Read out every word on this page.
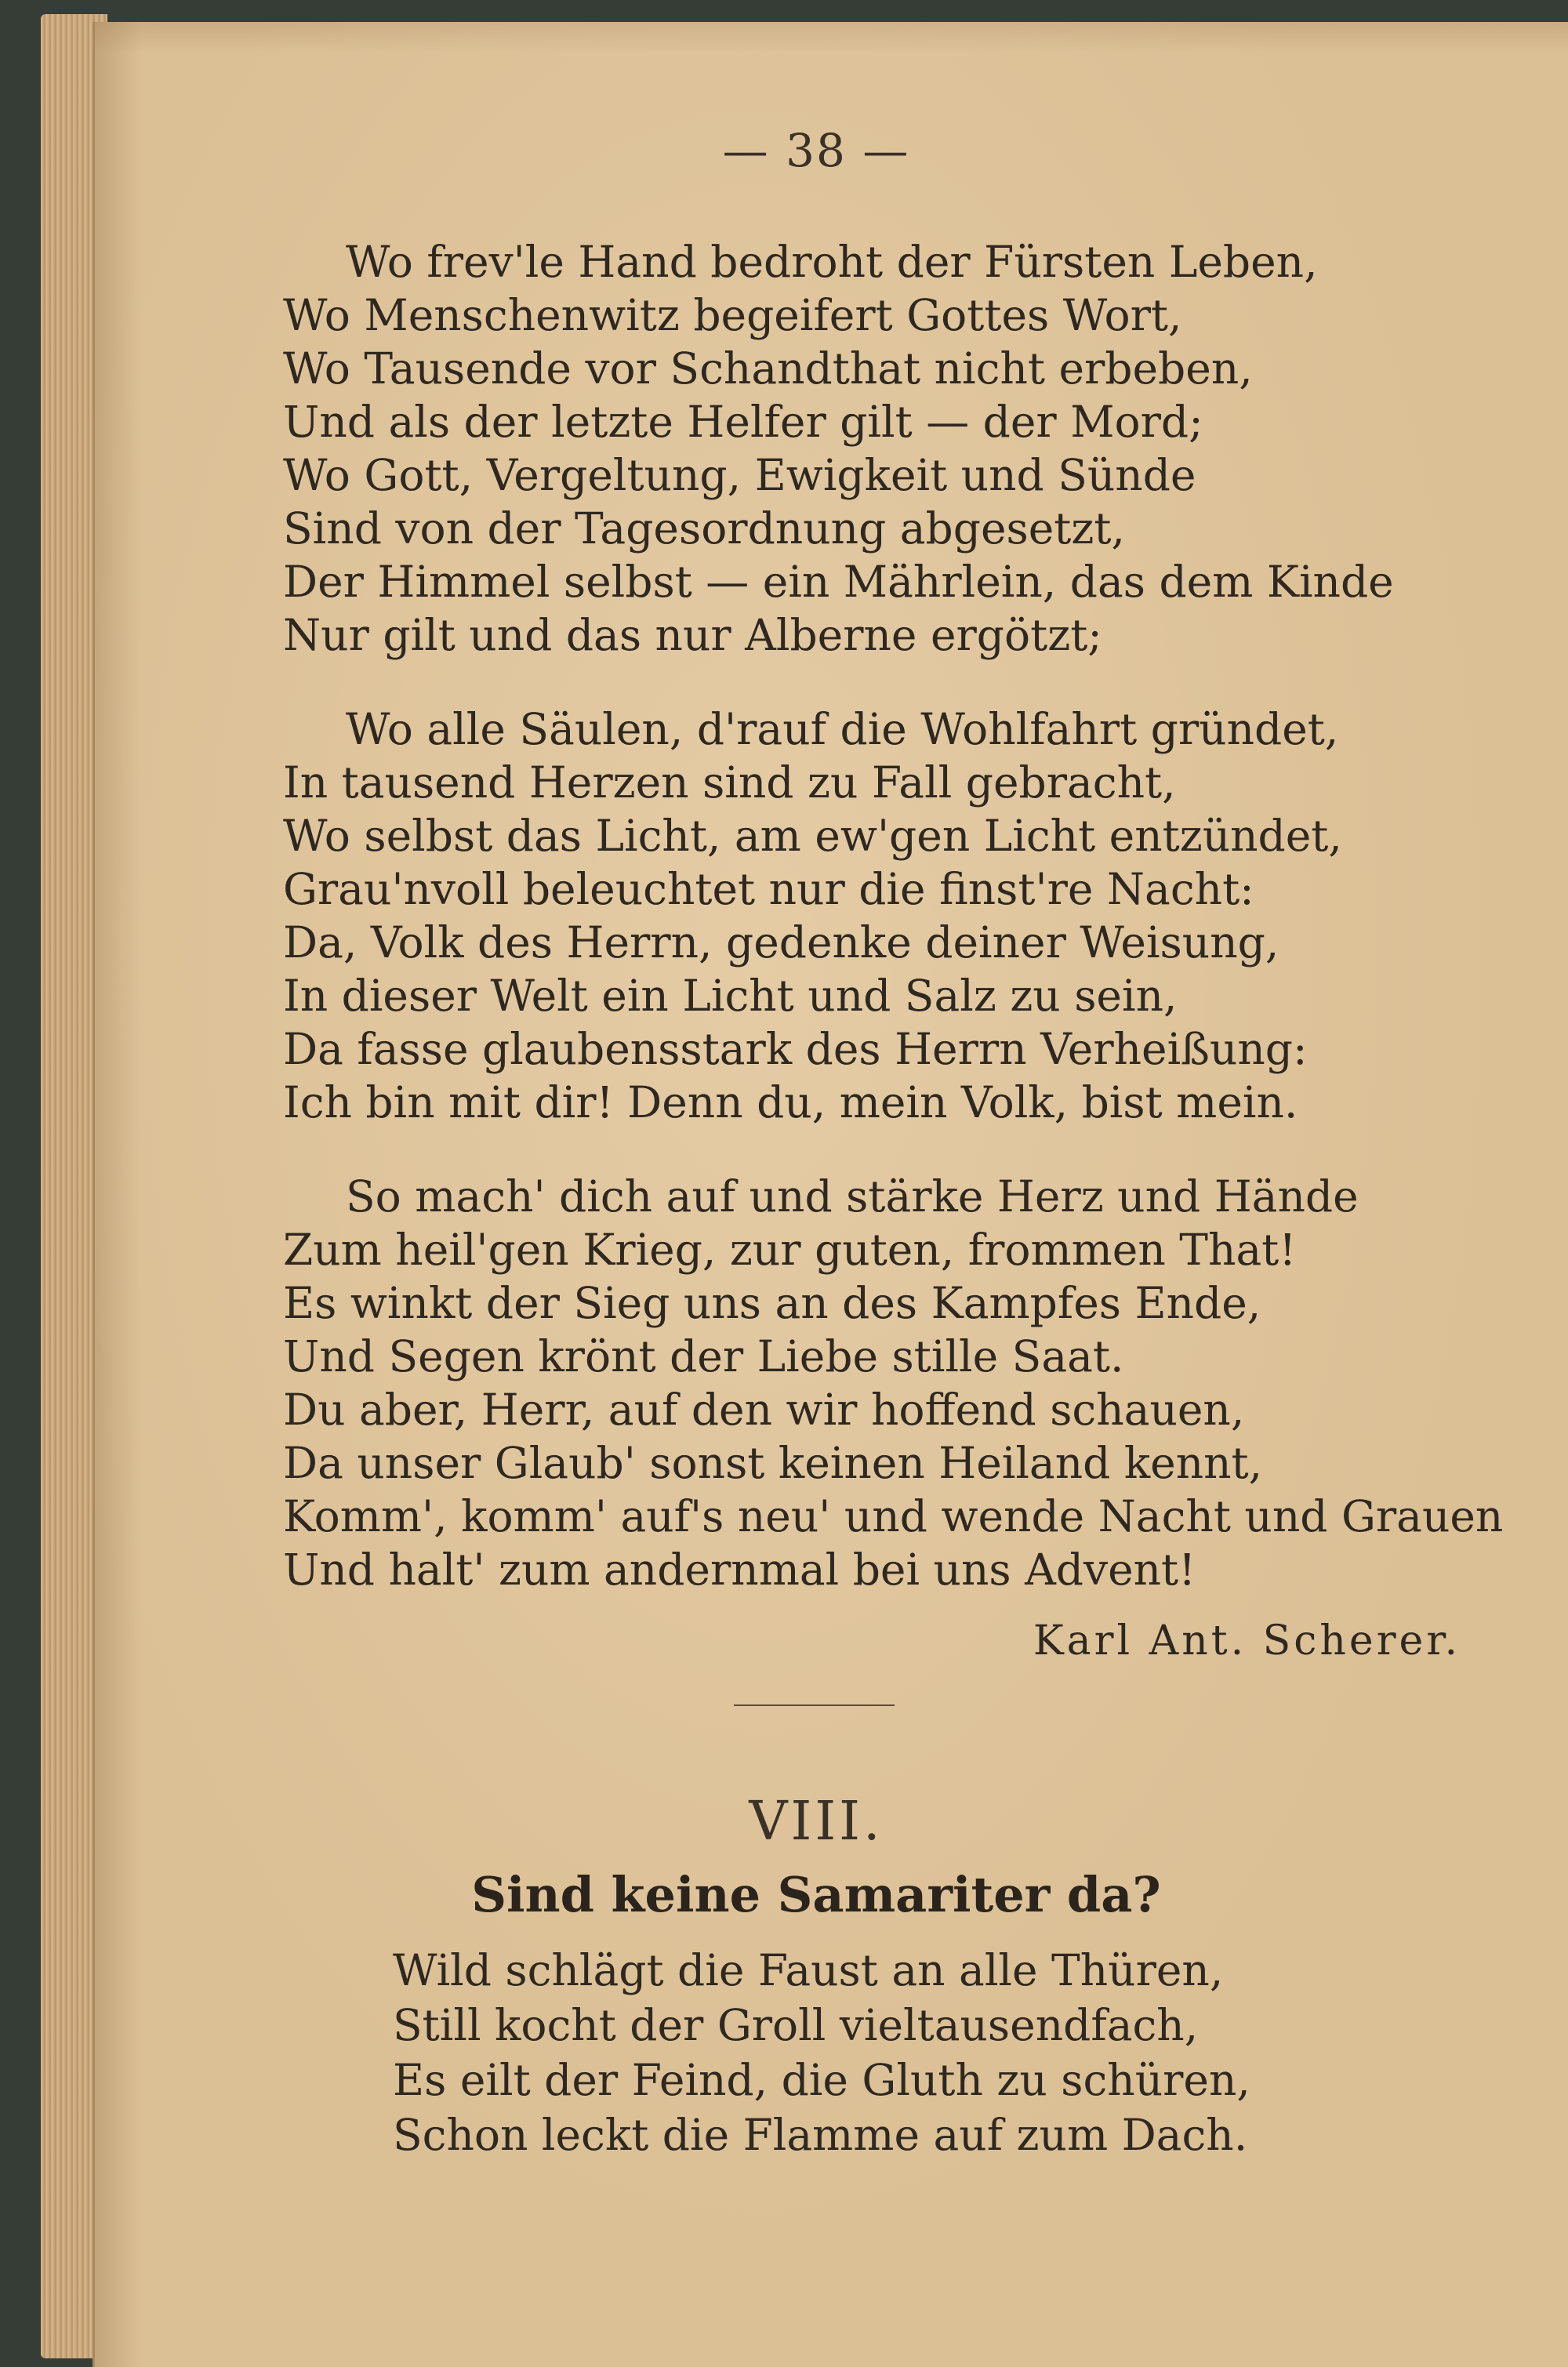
— 38 —
Wo frev'le Hand bedroht der Fürsten Leben,
Wo Menschenwitz begeifert Gottes Wort,
Wo Tausende vor Schandthat nicht erbeben,
Und als der letzte Helfer gilt — der Mord;
Wo Gott, Vergeltung, Ewigkeit und Sünde
Sind von der Tagesordnung abgesetzt,
Der Himmel selbst — ein Mährlein, das dem Kinde
Nur gilt und das nur Alberne ergötzt;
Wo alle Säulen, d'rauf die Wohlfahrt gründet,
In tausend Herzen sind zu Fall gebracht,
Wo selbst das Licht, am ew'gen Licht entzündet,
Grau'nvoll beleuchtet nur die finst're Nacht:
Da, Volk des Herrn, gedenke deiner Weisung,
In dieser Welt ein Licht und Salz zu sein,
Da fasse glaubensstark des Herrn Verheißung:
Ich bin mit dir! Denn du, mein Volk, bist mein.
So mach' dich auf und stärke Herz und Hände
Zum heil'gen Krieg, zur guten, frommen That!
Es winkt der Sieg uns an des Kampfes Ende,
Und Segen krönt der Liebe stille Saat.
Du aber, Herr, auf den wir hoffend schauen,
Da unser Glaub' sonst keinen Heiland kennt,
Komm', komm' auf's neu' und wende Nacht und Grauen
Und halt' zum andernmal bei uns Advent!
Karl Ant. Scherer.
VIII.
Sind keine Samariter da?
Wild schlägt die Faust an alle Thüren,
Still kocht der Groll vieltausendfach,
Es eilt der Feind, die Gluth zu schüren,
Schon leckt die Flamme auf zum Dach.
